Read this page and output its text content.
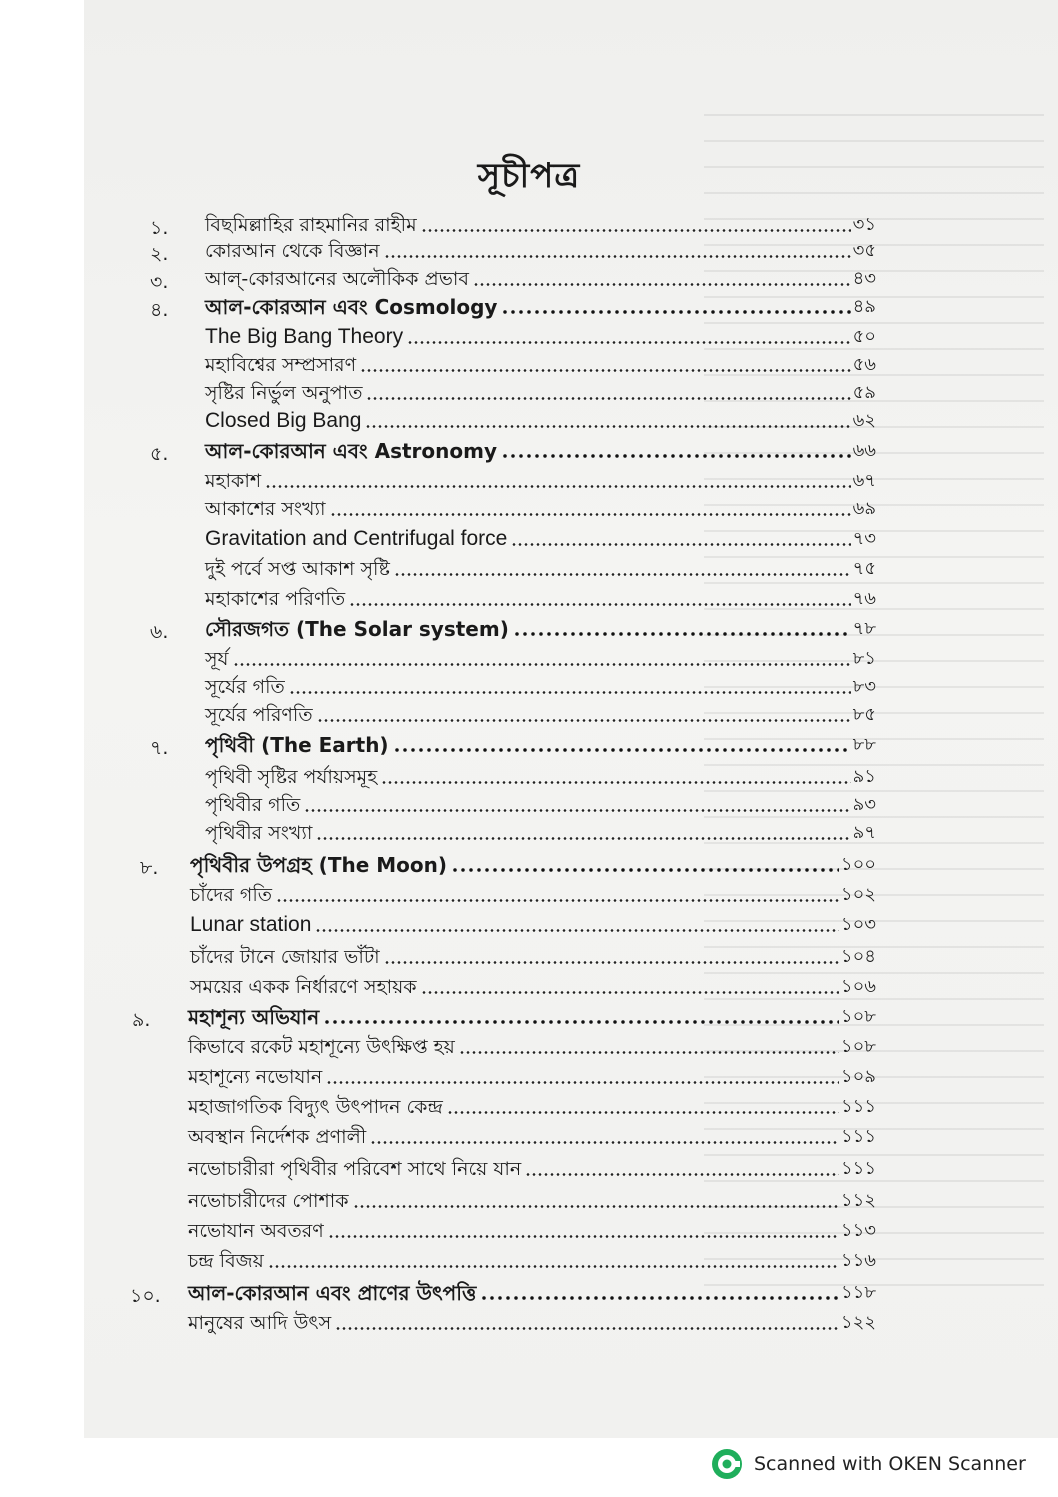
সূচীপত্র
১.	বিছমিল্লাহির রাহমানির রাহীম	৩১
২.	কোরআন থেকে বিজ্ঞান	৩৫
৩.	আল্-কোরআনের অলৌকিক প্রভাব	৪৩
৪.	আল-কোরআন এবং Cosmology	৪৯
The Big Bang Theory	৫০
মহাবিশ্বের সম্প্রসারণ	৫৬
সৃষ্টির নির্ভুল অনুপাত	৫৯
Closed Big Bang	৬২
৫.	আল-কোরআন এবং Astronomy	৬৬
মহাকাশ	৬৭
আকাশের সংখ্যা	৬৯
Gravitation and Centrifugal force	৭৩
দুই পর্বে সপ্ত আকাশ সৃষ্টি	৭৫
মহাকাশের পরিণতি	৭৬
৬.	সৌরজগত (The Solar system)	৭৮
সূর্য	৮১
সূর্যের গতি	৮৩
সূর্যের পরিণতি	৮৫
৭.	পৃথিবী (The Earth)	৮৮
পৃথিবী সৃষ্টির পর্যায়সমূহ	৯১
পৃথিবীর গতি	৯৩
পৃথিবীর সংখ্যা	৯৭
৮.	পৃথিবীর উপগ্রহ (The Moon)	১০০
চাঁদের গতি	১০২
Lunar station	১০৩
চাঁদের টানে জোয়ার ভাঁটা	১০৪
সময়ের একক নির্ধারণে সহায়ক	১০৬
৯.	মহাশূন্য অভিযান	১০৮
কিভাবে রকেট মহাশূন্যে উৎক্ষিপ্ত হয়	১০৮
মহাশূন্যে নভোযান	১০৯
মহাজাগতিক বিদ্যুৎ উৎপাদন কেন্দ্র	১১১
অবস্থান নির্দেশক প্রণালী	১১১
নভোচারীরা পৃথিবীর পরিবেশ সাথে নিয়ে যান	১১১
নভোচারীদের পোশাক	১১২
নভোযান অবতরণ	১১৩
চন্দ্র বিজয়	১১৬
১০.	আল-কোরআন এবং প্রাণের উৎপত্তি	১১৮
মানুষের আদি উৎস	১২২
Scanned with OKEN Scanner
